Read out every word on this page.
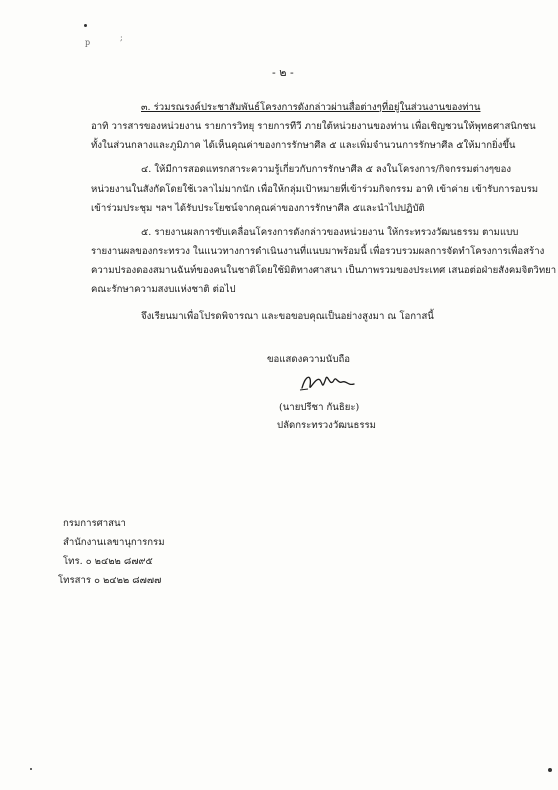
p
;
- ๒ -
๓. ร่วมรณรงค์ประชาสัมพันธ์โครงการดังกล่าวผ่านสื่อต่างๆที่อยู่ในส่วนงานของท่าน
อาทิ วารสารของหน่วยงาน รายการวิทยุ รายการทีวี ภายใต้หน่วยงานของท่าน เพื่อเชิญชวนให้พุทธศาสนิกชน
ทั้งในส่วนกลางและภูมิภาค ได้เห็นคุณค่าของการรักษาศีล ๕ และเพิ่มจำนวนการรักษาศีล ๕ให้มากยิ่งขึ้น
๔. ให้มีการสอดแทรกสาระความรู้เกี่ยวกับการรักษาศีล ๕ ลงในโครงการ/กิจกรรมต่างๆของ
หน่วยงานในสังกัดโดยใช้เวลาไม่มากนัก เพื่อให้กลุ่มเป้าหมายที่เข้าร่วมกิจกรรม อาทิ เข้าค่าย เข้ารับการอบรม
เข้าร่วมประชุม ฯลฯ ได้รับประโยชน์จากคุณค่าของการรักษาศีล ๕และนำไปปฏิบัติ
๕. รายงานผลการขับเคลื่อนโครงการดังกล่าวของหน่วยงาน ให้กระทรวงวัฒนธรรม ตามแบบ
รายงานผลของกระทรวง ในแนวทางการดำเนินงานที่แนบมาพร้อมนี้ เพื่อรวบรวมผลการจัดทำโครงการเพื่อสร้าง
ความปรองดองสมานฉันท์ของคนในชาติโดยใช้มิติทางศาสนา เป็นภาพรวมของประเทศ เสนอต่อฝ่ายสังคมจิตวิทยา
คณะรักษาความสงบแห่งชาติ ต่อไป
จึงเรียนมาเพื่อโปรดพิจารณา และขอขอบคุณเป็นอย่างสูงมา ณ โอกาสนี้
ขอแสดงความนับถือ
(นายปรีชา กันธิยะ)
ปลัดกระทรวงวัฒนธรรม
กรมการศาสนา
สำนักงานเลขานุการกรม
โทร. ๐ ๒๔๒๒ ๘๗๙๕
โทรสาร ๐ ๒๔๒๒ ๘๗๗๗
